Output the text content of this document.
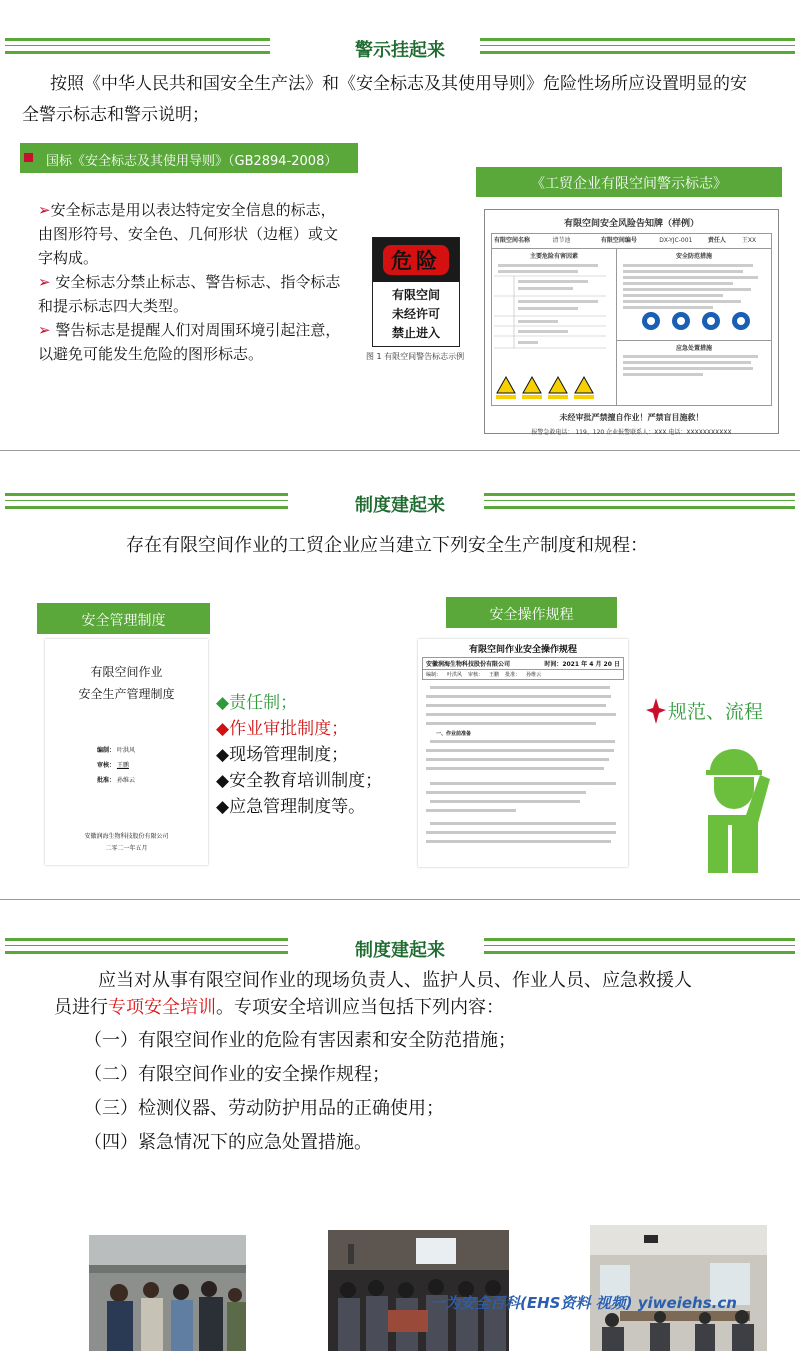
警示挂起来
按照《中华人民共和国安全生产法》和《安全标志及其使用导则》危险性场所应设置明显的安
全警示标志和警示说明；
国标《安全标志及其使用导则》（GB2894-2008）
➢安全标志是用以表达特定安全信息的标志，
由图形符号、安全色、几何形状（边框）或文
字构成。
➢ 安全标志分禁止标志、警告标志、指令标志
和提示标志四大类型。
➢ 警告标志是提醒人们对周围环境引起注意，
以避免可能发生危险的图形标志。
危险
有限空间
未经许可
禁止进入
图 1 有限空间警告标志示例
《工贸企业有限空间警示标志》
有限空间安全风险告知牌（样例）
有限空间名称	清节池	有限空间编号	DX-YJC-001	责任人	王XX
主要危险有害因素	安全防范措施
应急处置措施
未经审批严禁擅自作业！严禁盲目施救！
报警急救电话： 119、120 企业报警联系人：XXX 电话：XXXXXXXXXXX
制度建起来
存在有限空间作业的工贸企业应当建立下列安全生产制度和规程：
安全管理制度	安全操作规程
有限空间作业
安全生产管理制度
编制： 叶洪风
审核： 王鹏
批准： 孙维云
安徽润海生物科技股份有限公司
二零二一年五月
有限空间作业安全操作规程
安徽润海生物科技股份有限公司	时间：2021 年 4 月 20 日
编制： 叶洪风 审核： 王鹏 批准： 孙维云
一、作业前准备
◆责任制；
◆作业审批制度；
◆现场管理制度；
◆安全教育培训制度；
◆应急管理制度等。
规范、流程
制度建起来
应当对从事有限空间作业的现场负责人、监护人员、作业人员、应急救援人
员进行专项安全培训。专项安全培训应当包括下列内容：
（一）有限空间作业的危险有害因素和安全防范措施；
（二）有限空间作业的安全操作规程；
（三）检测仪器、劳动防护用品的正确使用；
（四）紧急情况下的应急处置措施。
一为安全百科(EHS资料 视频) yiweiehs.cn
